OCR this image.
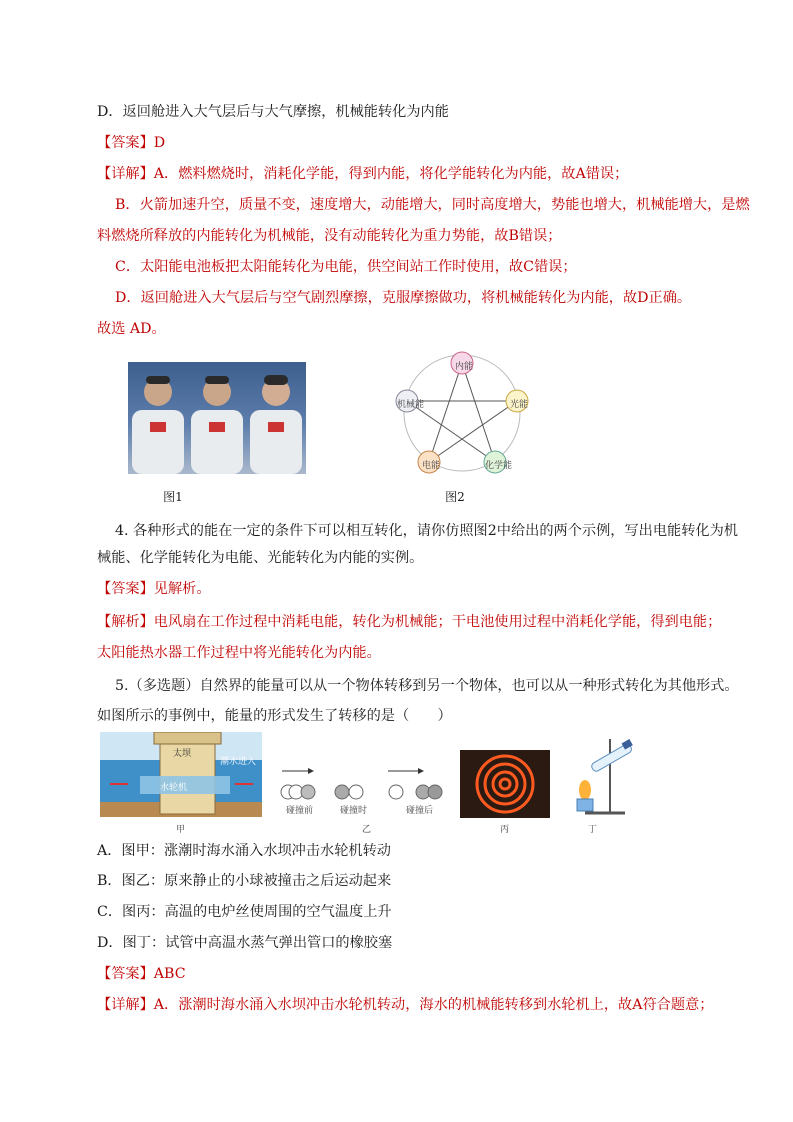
D．返回舱进入大气层后与大气摩擦，机械能转化为内能
【答案】D
【详解】A．燃料燃烧时，消耗化学能，得到内能，将化学能转化为内能，故A错误；
B．火箭加速升空，质量不变，速度增大，动能增大，同时高度增大，势能也增大，机械能增大，是燃
料燃烧所释放的内能转化为机械能，没有动能转化为重力势能，故B错误；
C．太阳能电池板把太阳能转化为电能，供空间站工作时使用，故C错误；
D．返回舱进入大气层后与空气剧烈摩擦，克服摩擦做功，将机械能转化为内能，故D正确。
故选 AD。
图1
内能
机械能	光能
电能	化学能
图2
4. 各种形式的能在一定的条件下可以相互转化，请你仿照图2中给出的两个示例，写出电能转化为机
械能、化学能转化为电能、光能转化为内能的实例。
【答案】见解析。
【解析】电风扇在工作过程中消耗电能，转化为机械能；干电池使用过程中消耗化学能，得到电能；
太阳能热水器工作过程中将光能转化为内能。
5.（多选题）自然界的能量可以从一个物体转移到另一个物体，也可以从一种形式转化为其他形式。
如图所示的事例中，能量的形式发生了转移的是（　　）
太坝
潮水进入
水轮机
甲
碰撞前	碰撞时	碰撞后
乙	丙	丁
A．图甲：涨潮时海水涌入水坝冲击水轮机转动
B．图乙：原来静止的小球被撞击之后运动起来
C．图丙：高温的电炉丝使周围的空气温度上升
D．图丁：试管中高温水蒸气弹出管口的橡胶塞
【答案】ABC
【详解】A．涨潮时海水涌入水坝冲击水轮机转动，海水的机械能转移到水轮机上，故A符合题意；
